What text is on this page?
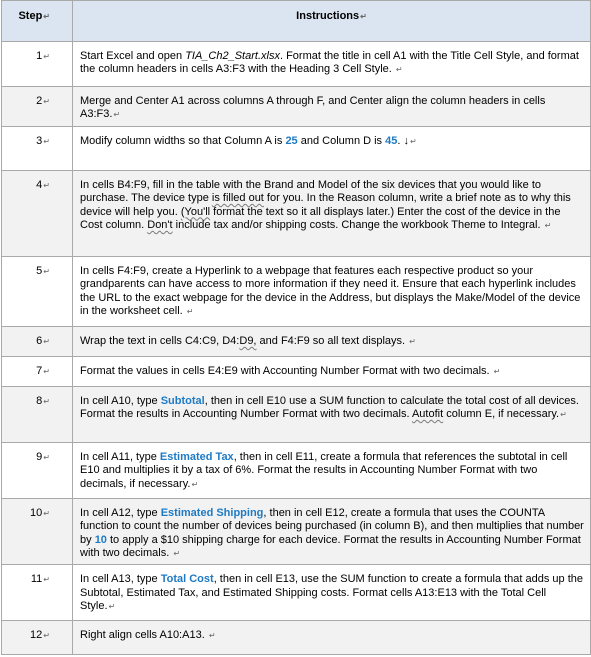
Step↵	Instructions↵

1↵	Start Excel and open TIA_Ch2_Start.xlsx. Format the title in cell A1 with the Title Cell Style, and format the column headers in cells A3:F3 with the Heading 3 Cell Style. ↵
2↵	Merge and Center A1 across columns A through F, and Center align the column headers in cells A3:F3.↵
3↵	Modify column widths so that Column A is 25 and Column D is 45. ↓↵
4↵	In cells B4:F9, fill in the table with the Brand and Model of the six devices that you would like to purchase. The device type is filled out for you. In the Reason column, write a brief note as to why this device will help you. (You'll format the text so it all displays later.) Enter the cost of the device in the Cost column. Don't include tax and/or shipping costs. Change the workbook Theme to Integral. ↵
5↵	In cells F4:F9, create a Hyperlink to a webpage that features each respective product so your grandparents can have access to more information if they need it. Ensure that each hyperlink includes the URL to the exact webpage for the device in the Address, but displays the Make/Model of the device in the worksheet cell. ↵
6↵	Wrap the text in cells C4:C9, D4:D9, and F4:F9 so all text displays. ↵
7↵	Format the values in cells E4:E9 with Accounting Number Format with two decimals. ↵
8↵	In cell A10, type Subtotal, then in cell E10 use a SUM function to calculate the total cost of all devices. Format the results in Accounting Number Format with two decimals. Autofit column E, if necessary.↵
9↵	In cell A11, type Estimated Tax, then in cell E11, create a formula that references the subtotal in cell E10 and multiplies it by a tax of 6%. Format the results in Accounting Number Format with two decimals, if necessary.↵
10↵	In cell A12, type Estimated Shipping, then in cell E12, create a formula that uses the COUNTA function to count the number of devices being purchased (in column B), and then multiplies that number by 10 to apply a $10 shipping charge for each device. Format the results in Accounting Number Format with two decimals. ↵
11↵	In cell A13, type Total Cost, then in cell E13, use the SUM function to create a formula that adds up the Subtotal, Estimated Tax, and Estimated Shipping costs. Format cells A13:E13 with the Total Cell Style.↵
12↵	Right align cells A10:A13. ↵
